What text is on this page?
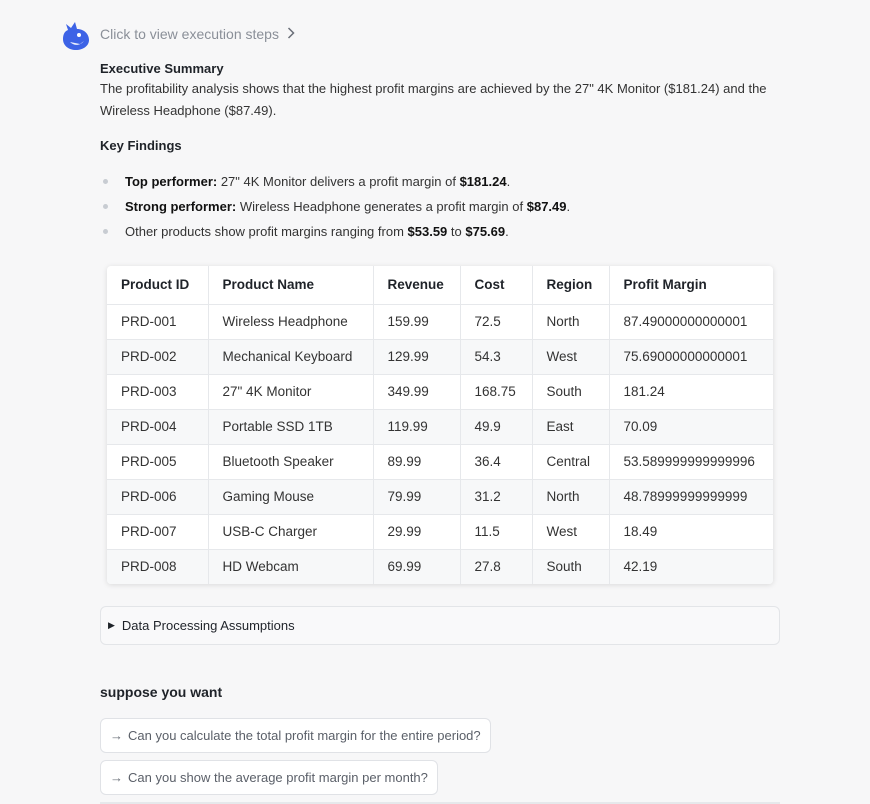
Click to view execution steps
Executive Summary

The profitability analysis shows that the highest profit margins are achieved by the 27" 4K Monitor ($181.24) and the Wireless Headphone ($87.49).

Key Findings
Top performer: 27" 4K Monitor delivers a profit margin of $181.24.
Strong performer: Wireless Headphone generates a profit margin of $87.49.
Other products show profit margins ranging from $53.59 to $75.69.
Product ID	Product Name	Revenue	Cost	Region	Profit Margin
PRD-001	Wireless Headphone	159.99	72.5	North	87.49000000000001
PRD-002	Mechanical Keyboard	129.99	54.3	West	75.69000000000001
PRD-003	27" 4K Monitor	349.99	168.75	South	181.24
PRD-004	Portable SSD 1TB	119.99	49.9	East	70.09
PRD-005	Bluetooth Speaker	89.99	36.4	Central	53.589999999999996
PRD-006	Gaming Mouse	79.99	31.2	North	48.78999999999999
PRD-007	USB-C Charger	29.99	11.5	West	18.49
PRD-008	HD Webcam	69.99	27.8	South	42.19
▶ Data Processing Assumptions
suppose you want
→ Can you calculate the total profit margin for the entire period?
→ Can you show the average profit margin per month?
